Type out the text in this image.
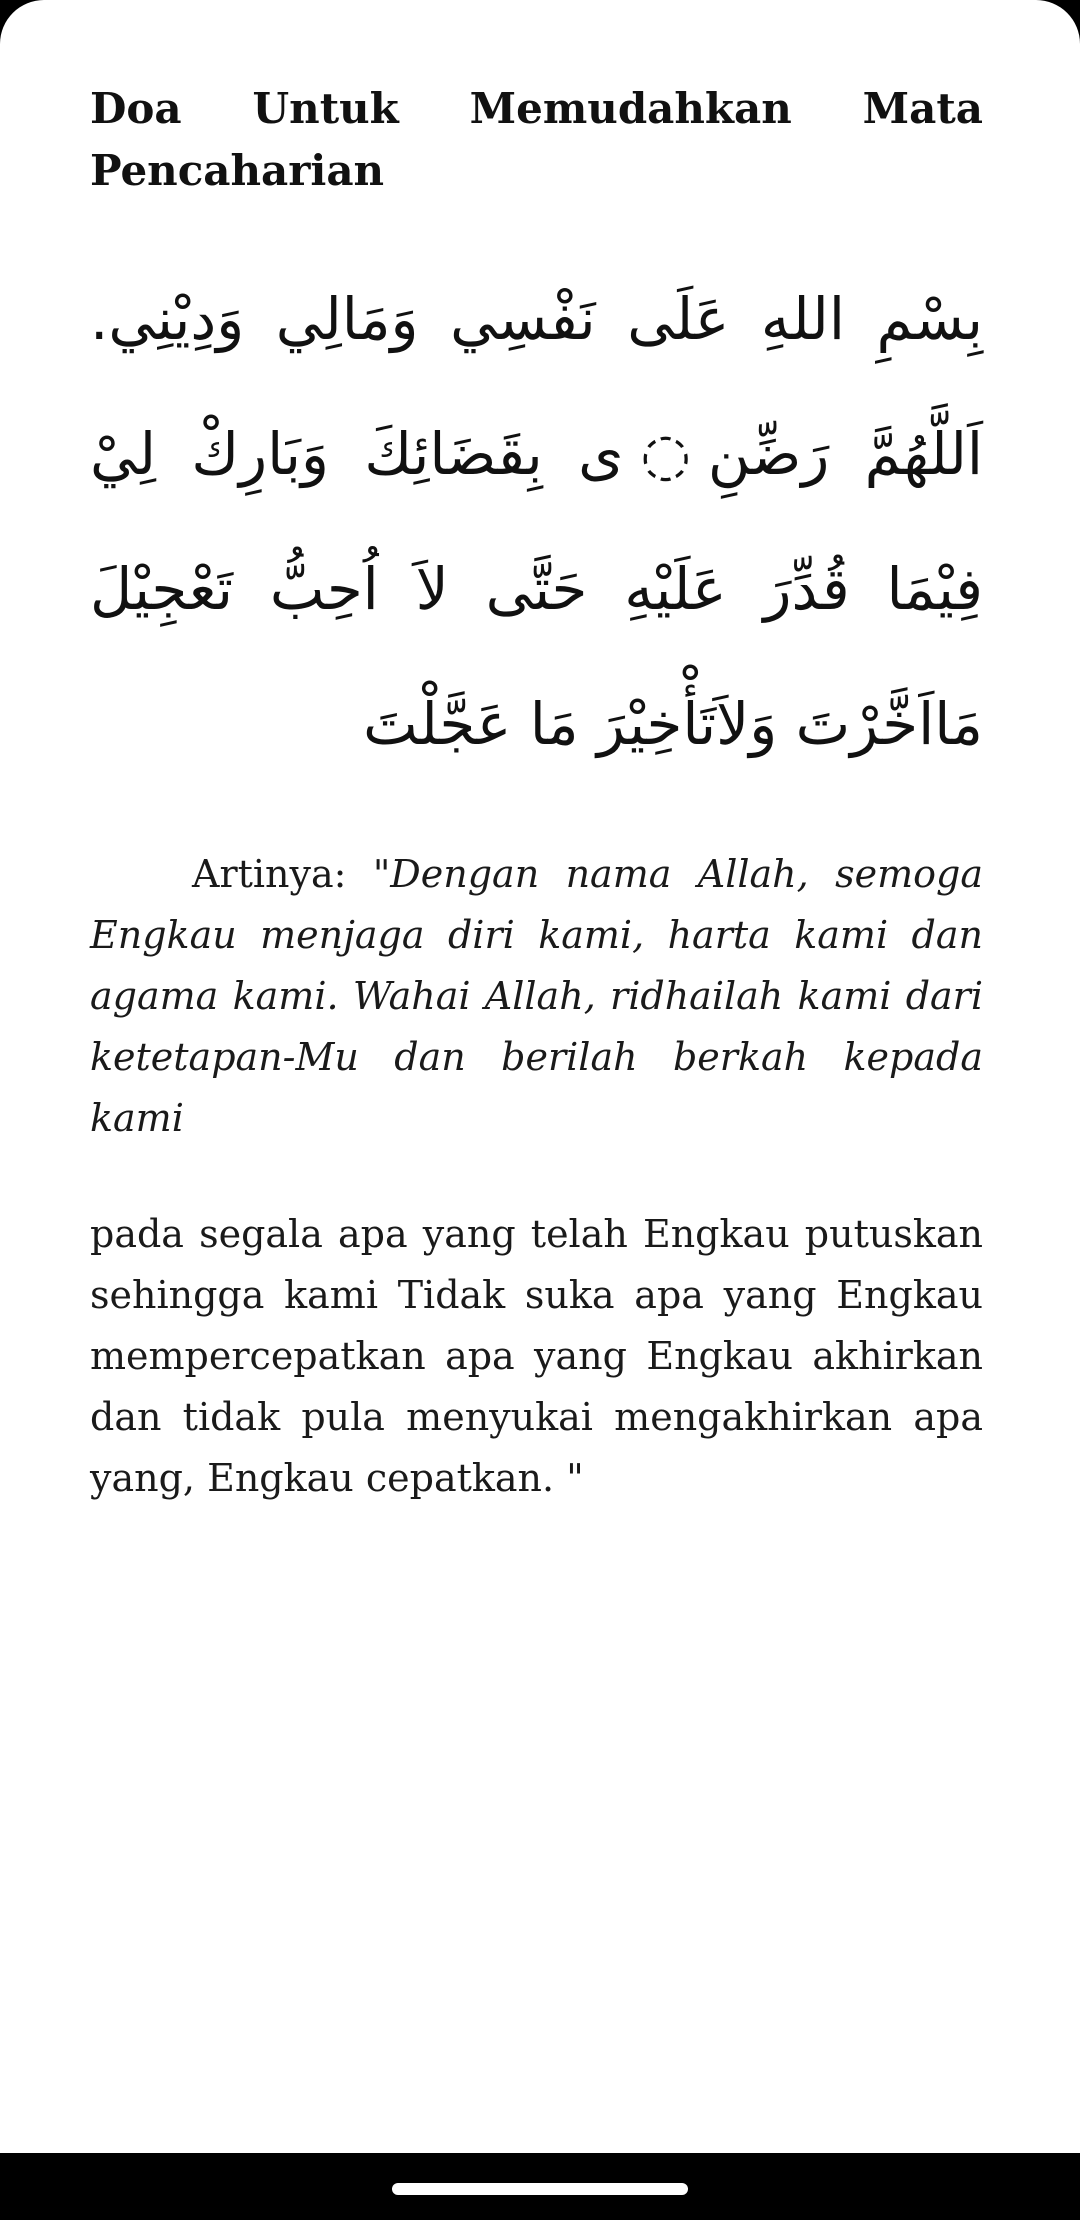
Doa Untuk Memudahkan Mata Pencaharian

بِسْمِ اللهِ عَلَى نَفْسِي وَمَالِي وَدِيْنِي. اَللَّهُمَّ رَضِّنِ◌ى بِقَضَائِكَ وَبَارِكْ لِيْ فِيْمَا قُدِّرَ عَلَيْهِ حَتَّى لاَ اُحِبُّ تَعْجِيْلَ مَااَخَّرْتَ وَلاَتَأْخِيْرَ مَا عَجَّلْتَ

Artinya: "Dengan nama Allah, semoga Engkau menjaga diri kami, harta kami dan agama kami. Wahai Allah, ridhailah kami dari ketetapan-Mu dan berilah berkah kepada kami

pada segala apa yang telah Engkau putuskan sehingga kami Tidak suka apa yang Engkau mempercepatkan apa yang Engkau akhirkan dan tidak pula menyukai mengakhirkan apa yang, Engkau cepatkan. "
